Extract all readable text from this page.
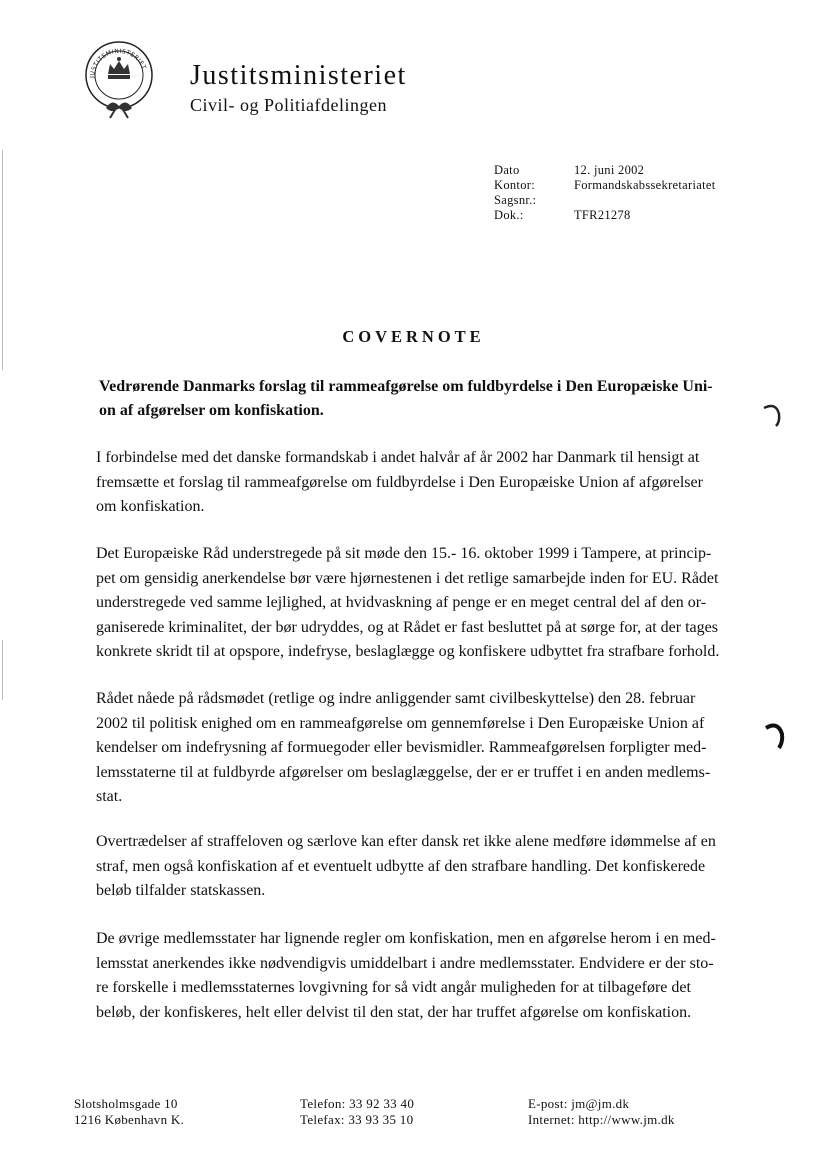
JUSTITSMINISTERIET Justitsministeriet
Civil- og Politiafdelingen
Dato	12. juni 2002
Kontor:	Formandskabssekretariatet
Sagsnr.:
Dok.:	TFR21278
COVERNOTE
Vedrørende Danmarks forslag til rammeafgørelse om fuldbyrdelse i Den Europæiske Uni-
on af afgørelser om konfiskation.
I forbindelse med det danske formandskab i andet halvår af år 2002 har Danmark til hensigt at
fremsætte et forslag til rammeafgørelse om fuldbyrdelse i Den Europæiske Union af afgørelser
om konfiskation.
Det Europæiske Råd understregede på sit møde den 15.- 16. oktober 1999 i Tampere, at princip-
pet om gensidig anerkendelse bør være hjørnestenen i det retlige samarbejde inden for EU. Rådet
understregede ved samme lejlighed, at hvidvaskning af penge er en meget central del af den or-
ganiserede kriminalitet, der bør udryddes, og at Rådet er fast besluttet på at sørge for, at der tages
konkrete skridt til at opspore, indefryse, beslaglægge og konfiskere udbyttet fra strafbare forhold.
Rådet nåede på rådsmødet (retlige og indre anliggender samt civilbeskyttelse) den 28. februar
2002 til politisk enighed om en rammeafgørelse om gennemførelse i Den Europæiske Union af
kendelser om indefrysning af formuegoder eller bevismidler. Rammeafgørelsen forpligter med-
lemsstaterne til at fuldbyrde afgørelser om beslaglæggelse, der er er truffet i en anden medlems-
stat.
Overtrædelser af straffeloven og særlove kan efter dansk ret ikke alene medføre idømmelse af en
straf, men også konfiskation af et eventuelt udbytte af den strafbare handling. Det konfiskerede
beløb tilfalder statskassen.
De øvrige medlemsstater har lignende regler om konfiskation, men en afgørelse herom i en med-
lemsstat anerkendes ikke nødvendigvis umiddelbart i andre medlemsstater. Endvidere er der sto-
re forskelle i medlemsstaternes lovgivning for så vidt angår muligheden for at tilbageføre det
beløb, der konfiskeres, helt eller delvist til den stat, der har truffet afgørelse om konfiskation.
Slotsholmsgade 10
1216 København K.
Telefon: 33 92 33 40
Telefax: 33 93 35 10
E-post: jm@jm.dk
Internet: http://www.jm.dk
